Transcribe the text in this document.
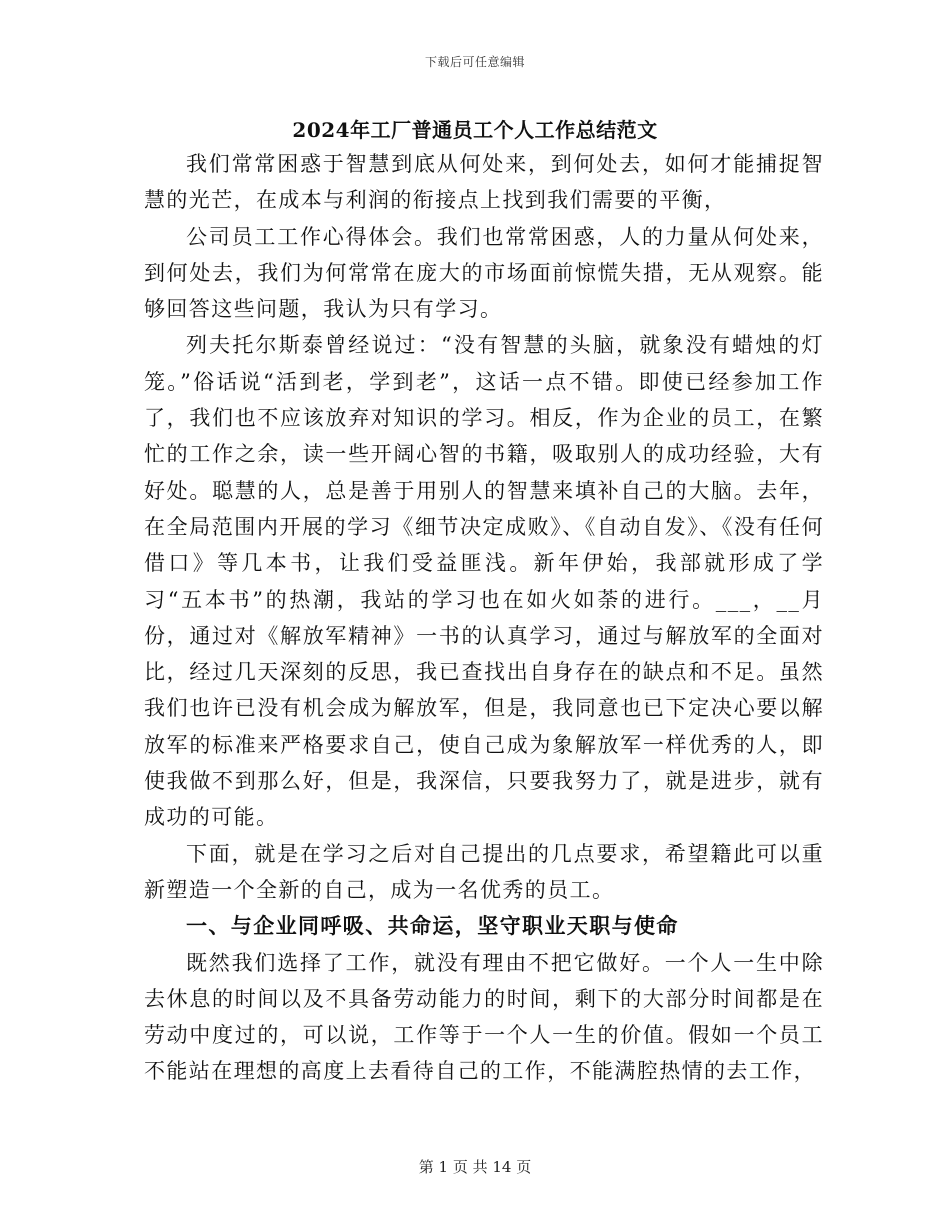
下载后可任意编辑
2024年工厂普通员工个人工作总结范文

我们常常困惑于智慧到底从何处来，到何处去，如何才能捕捉智慧的光芒，在成本与利润的衔接点上找到我们需要的平衡，

公司员工工作心得体会。我们也常常困惑，人的力量从何处来，到何处去，我们为何常常在庞大的市场面前惊慌失措，无从观察。能够回答这些问题，我认为只有学习。

列夫托尔斯泰曾经说过：“没有智慧的头脑，就象没有蜡烛的灯笼。”俗话说“活到老，学到老”，这话一点不错。即使已经参加工作了，我们也不应该放弃对知识的学习。相反，作为企业的员工，在繁忙的工作之余，读一些开阔心智的书籍，吸取别人的成功经验，大有好处。聪慧的人，总是善于用别人的智慧来填补自己的大脑。去年，在全局范围内开展的学习《细节决定成败》、《自动自发》、《没有任何借口》等几本书，让我们受益匪浅。新年伊始，我部就形成了学习“五本书”的热潮，我站的学习也在如火如荼的进行。___，__月份，通过对《解放军精神》一书的认真学习，通过与解放军的全面对比，经过几天深刻的反思，我已查找出自身存在的缺点和不足。虽然我们也许已没有机会成为解放军，但是，我同意也已下定决心要以解放军的标准来严格要求自己，使自己成为象解放军一样优秀的人，即使我做不到那么好，但是，我深信，只要我努力了，就是进步，就有成功的可能。

下面，就是在学习之后对自己提出的几点要求，希望籍此可以重新塑造一个全新的自己，成为一名优秀的员工。

一、与企业同呼吸、共命运，坚守职业天职与使命

既然我们选择了工作，就没有理由不把它做好。一个人一生中除去休息的时间以及不具备劳动能力的时间，剩下的大部分时间都是在劳动中度过的，可以说，工作等于一个人一生的价值。假如一个员工不能站在理想的高度上去看待自己的工作，不能满腔热情的去工作，

第 1 页 共 14 页
